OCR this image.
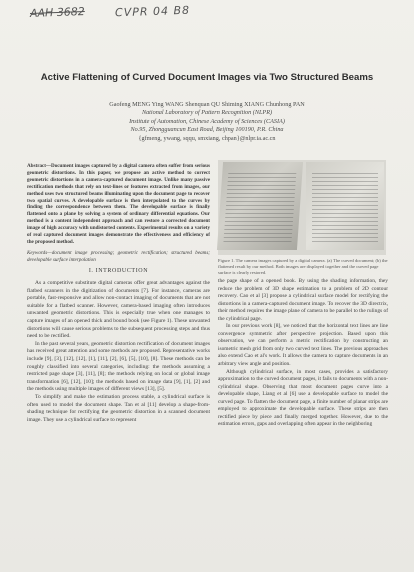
AAH 3682	CVPR 04 B8
Active Flattening of Curved Document Images via Two Structured Beams
Gaofeng MENG Ying WANG Shenquan QU Shiming XIANG Chunhong PAN
National Laboratory of Pattern Recognition (NLPR)
Institute of Automation, Chinese Academy of Sciences (CASIA)
No.95, Zhongguancun East Road, Beijing 100190, P.R. China
{gfmeng, ywang, sqqu, smxiang, chpan}@nlpr.ia.ac.cn
Abstract—Document images captured by a digital camera often suffer from serious geometric distortions. In this paper, we propose an active method to correct geometric distortions in a camera-captured document image. Unlike many passive rectification methods that rely on text-lines or features extracted from images, our method uses two structured beams illuminating upon the document page to recover two spatial curves. A developable surface is then interpolated to the curves by finding the correspondence between them. The developable surface is finally flattened onto a plane by solving a system of ordinary differential equations. Our method is a content independent approach and can restore a corrected document image of high accuracy with undistorted contents. Experimental results on a variety of real captured document images demonstrate the effectiveness and efficiency of the proposed method.
Keywords—document image processing; geometric rectification; structured beams; developable surface interpolation
I. INTRODUCTION

As a competitive substitute digital cameras offer great advantages against the flatbed scanners in the digitization of documents [7]. For instance, cameras are portable, fast-responsive and allow non-contact imaging of documents that are not suitable for a flatbed scanner. However, camera-based imaging often introduces unwanted geometric distortions. This is especially true when one manages to capture images of an opened thick and bound book (see Figure 1). These unwanted distortions will cause serious problems to the subsequent processing steps and thus need to be rectified.

In the past several years, geometric distortion rectification of document images has received great attention and some methods are proposed. Representative works include [9], [3], [12], [12], [1], [11], [2], [6], [5], [10], [8]. These methods can be roughly classified into several categories, including: the methods assuming a restricted page shape [3], [11], [8]; the methods relying on local or global image transformation [6], [12], [10]; the methods based on image data [9], [1], [2] and the methods using multiple images of different views [13], [5].

To simplify and make the estimation process stable, a cylindrical surface is often used to model the document shape. Tan et al [11] develop a shape-from-shading technique for rectifying the geometric distortion in a scanned document image. They use a cylindrical surface to represent

Figure 1. The camera images captured by a digital camera. (a) The curved document; (b) the flattened result by our method. Both images are displayed together and the curved page surface is clearly restored.

the page shape of a opened book. By using the shading information, they reduce the problem of 3D shape estimation to a problem of 2D contour recovery. Cao et al [3] propose a cylindrical surface model for rectifying the distortions in a camera-captured document image. To recover the 3D directrix, their method requires the image plane of camera to be parallel to the rulings of the cylindrical page.

In our previous work [8], we noticed that the horizontal text lines are line convergence symmetric after perspective projection. Based upon this observation, we can perform a metric rectification by constructing an isometric mesh grid from only two curved text lines. The previous approaches also extend Cao et al's work. It allows the camera to capture documents in an arbitrary view angle and position.

Although cylindrical surface, in most cases, provides a satisfactory approximation to the curved document pages, it fails to documents with a non-cylindrical shape. Observing that most document pages curve into a developable shape, Liang et al [6] use a developable surface to model the curved page. To flatten the document page, a finite number of planar strips are employed to approximate the developable surface. These strips are then rectified piece by piece and finally merged together. However, due to the estimation errors, gaps and overlapping often appear in the neighboring
